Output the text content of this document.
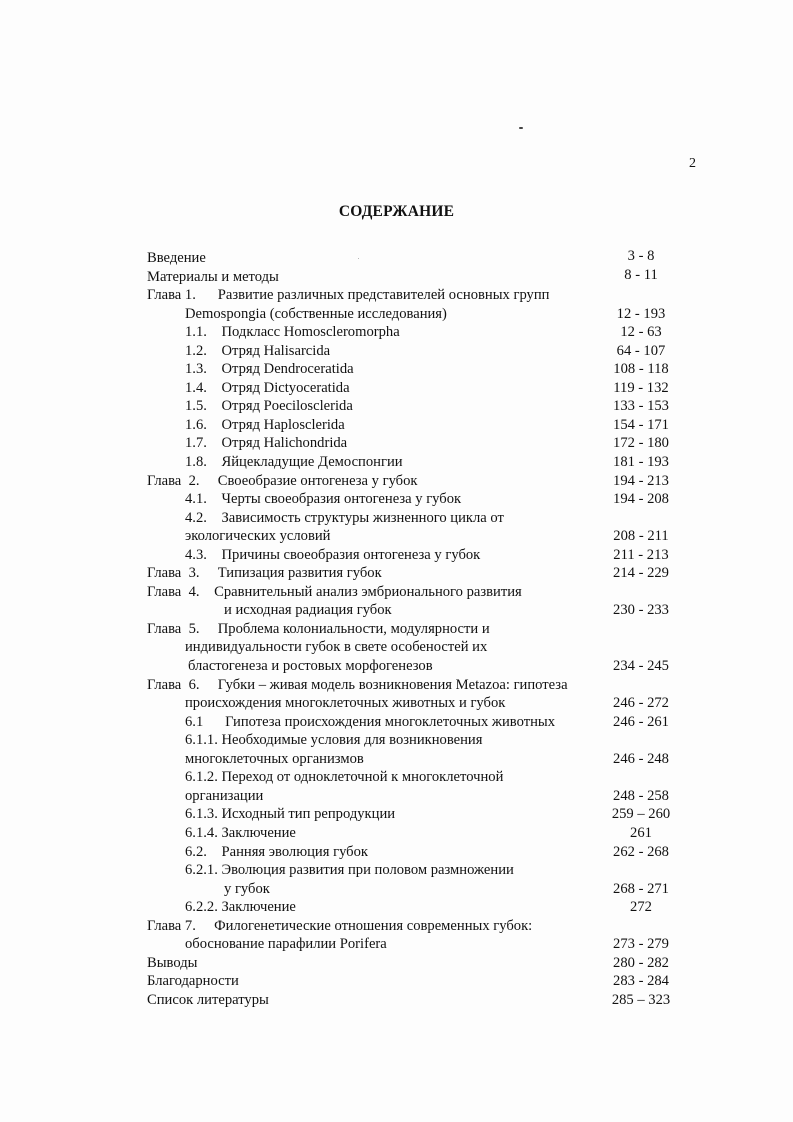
2
СОДЕРЖАНИЕ
Введение	3 - 8
Материалы и методы	8 - 11
Глава 1.      Развитие различных представителей основных групп
Demospongia (собственные исследования)	12 - 193
1.1.    Подкласс Homoscleromorpha	12 - 63
1.2.    Отряд Halisarcida	64 - 107
1.3.    Отряд Dendroceratida	108 - 118
1.4.    Отряд Dictyoceratida	119 - 132
1.5.    Отряд Poecilosclerida	133 - 153
1.6.    Отряд Haplosclerida	154 - 171
1.7.    Отряд Halichondrida	172 - 180
1.8.    Яйцекладущие Демоспонгии	181 - 193
Глава  2.     Своеобразие онтогенеза у губок	194 - 213
4.1.    Черты своеобразия онтогенеза у губок	194 - 208
4.2.    Зависимость структуры жизненного цикла от
экологических условий	208 - 211
4.3.    Причины своеобразия онтогенеза у губок	211 - 213
Глава  3.     Типизация развития губок	214 - 229
Глава  4.    Сравнительный анализ эмбрионального развития
и исходная радиация губок	230 - 233
Глава  5.     Проблема колониальности, модулярности и
индивидуальности губок в свете особеностей их
бластогенеза и ростовых морфогенезов	234 - 245
Глава  6.     Губки – живая модель возникновения Metazoa: гипотеза
происхождения многоклеточных животных и губок	246 - 272
6.1      Гипотеза происхождения многоклеточных животных	246 - 261
6.1.1. Необходимые условия для возникновения
многоклеточных организмов	246 - 248
6.1.2. Переход от одноклеточной к многоклеточной
организации	248 - 258
6.1.3. Исходный тип репродукции	259 – 260
6.1.4. Заключение	261
6.2.    Ранняя эволюция губок	262 - 268
6.2.1. Эволюция развития при половом размножении
у губок	268 - 271
6.2.2. Заключение	272
Глава 7.     Филогенетические отношения современных губок:
обоснование парафилии Porifera	273 - 279
Выводы	280 - 282
Благодарности	283 - 284
Список литературы	285 – 323
